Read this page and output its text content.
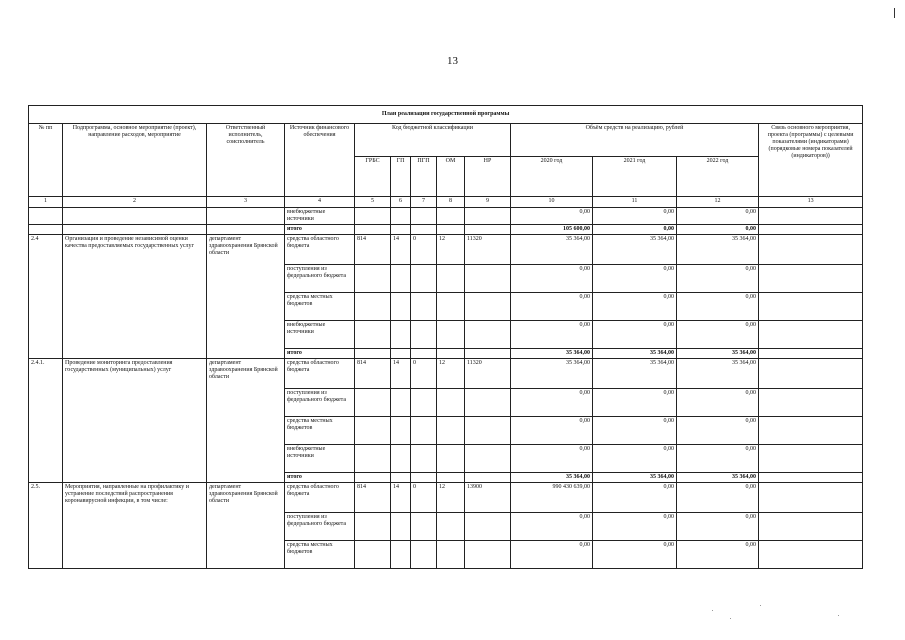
13
План реализации государственной программы												
№ пп	Подпрограмма, основное мероприятие (проект), направление расходов, мероприятие	Ответственный исполнитель, соисполнитель	Источник финансового обеспечения	Код бюджетной классификации					Объём средств на реализацию, рублей			Связь основного мероприятия, проекта (программы) с целевыми показателями (индикаторами) (порядковые номера показателей (индикаторов))
				ГРБС	ГП	ПГП	ОМ	НР	2020 год	2021 год	2022 год	
1	2	3	4	5	6	7	8	9	10	11	12	13
			внебюджетные источники						0,00	0,00	0,00	
			итого						105 600,00	0,00	0,00	
2.4	Организация и проведение независимой оценки качества предоставляемых государственных услуг	департамент здравоохранения Брянской области	средства областного бюджета	814	14	0	12	11320	35 364,00	35 364,00	35 364,00	
			поступления из федерального бюджета						0,00	0,00	0,00	
			средства местных бюджетов						0,00	0,00	0,00	
			внебюджетные источники						0,00	0,00	0,00	
			итого						35 364,00	35 364,00	35 364,00	
2.4.1.	Проведение мониторинга предоставления государственных (муниципальных) услуг	департамент здравоохранения Брянской области	средства областного бюджета	814	14	0	12	11320	35 364,00	35 364,00	35 364,00	
			поступления из федерального бюджета						0,00	0,00	0,00	
			средства местных бюджетов						0,00	0,00	0,00	
			внебюджетные источники						0,00	0,00	0,00	
			итого						35 364,00	35 364,00	35 364,00	
2.5.	Мероприятия, направленные на профилактику и устранение последствий распространения коронавирусной инфекции, в том числе:	департамент здравоохранения Брянской области	средства областного бюджета	814	14	0	12	13900	990 430 639,00	0,00	0,00	
			поступления из федерального бюджета						0,00	0,00	0,00	
			средства местных бюджетов						0,00	0,00	0,00	
